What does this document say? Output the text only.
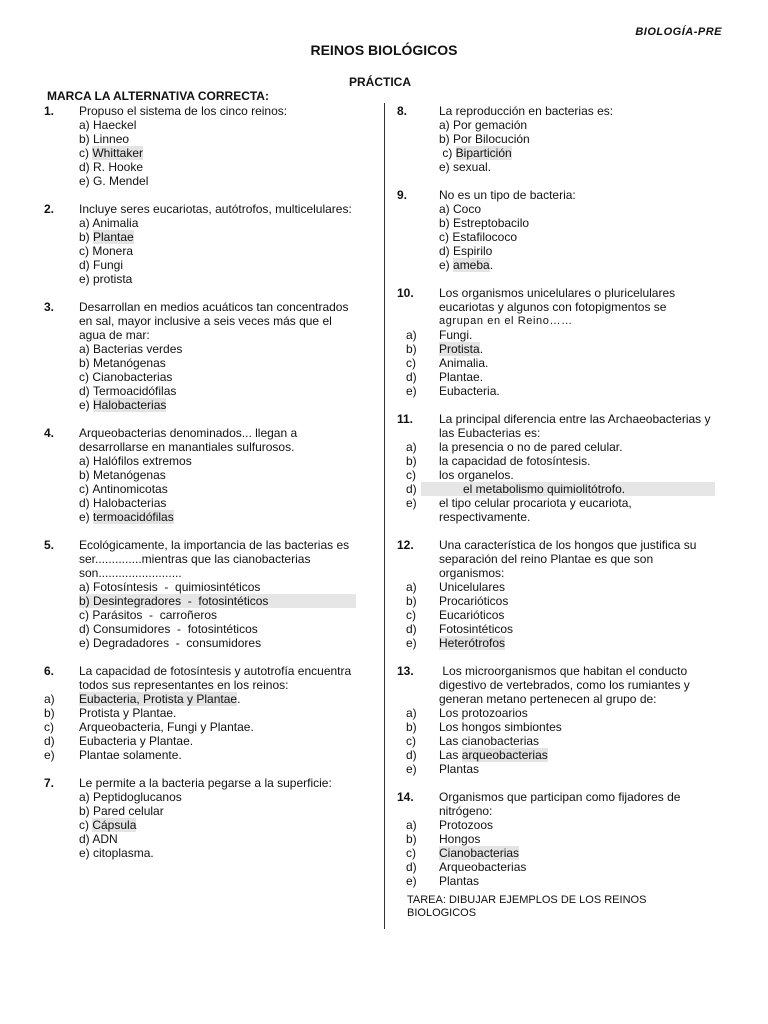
BIOLOGÍA-PRE
REINOS BIOLÓGICOS
PRÁCTICA
MARCA LA ALTERNATIVA CORRECTA:
1.	Propuso el sistema de los cinco reinos:
a) Haeckel
b) Linneo
c) Whittaker
d) R. Hooke
e) G. Mendel
2.	Incluye seres eucariotas, autótrofos, multicelulares:
a) Animalia
b) Plantae
c) Monera
d) Fungi
e) protista
3.	Desarrollan en medios acuáticos tan concentrados en sal, mayor inclusive a seis veces más que el agua de mar:
a)
Bacterias verdes
b)
Metanógenas
c)
Cianobacterias
d)
Termoacidófilas
e)
Halobacterias
4.	Arqueobacterias denominados... llegan a desarrollarse en manantiales sulfurosos.
a)
Halófilos extremos
b)
Metanógenas
c)
Antinomicotas
d)
Halobacterias
e)
termoacidófilas
5.	Ecológicamente, la importancia de las bacterias es ser..............mientras que las cianobacterias son.........................
a)
Fotosíntesis  -  quimiosintéticos
b)
Desintegradores  -  fotosintéticos
c)
Parásitos  -  carroñeros
d)
Consumidores  -  fotosintéticos
e)
Degradadores  -  consumidores
6.	La capacidad de fotosíntesis y autotrofía encuentra todos sus representantes en los reinos:
a)	Eubacteria, Protista y Plantae.
b)	Protista y Plantae.
c)	Arqueobacteria, Fungi y Plantae.
d)	Eubacteria y Plantae.
e)	Plantae solamente.
7.	Le permite a la bacteria pegarse a la superficie:
a) Peptidoglucanos
b) Pared celular
c) Cápsula
d) ADN
e) citoplasma.
8.	La reproducción en bacterias es:
a) Por gemación
b) Por Bilocución
c) Bipartición
e) sexual.
9.	No es un tipo de bacteria:
a) Coco
b) Estreptobacilo
c) Estafilococo
d) Espirilo
e) ameba.
10.	Los organismos unicelulares o pluricelulares eucariotas y algunos con fotopigmentos se
agrupan en el Reino……
a)	Fungi.
b)	Protista.
c)	Animalia.
d)	Plantae.
e)	Eubacteria.
11.	La principal diferencia entre las Archaeobacterias y las Eubacterias es:
a)	la presencia o no de pared celular.
b)	la capacidad de fotosíntesis.
c)	los organelos.
d)	el metabolismo quimiolitótrofo.
e)	el tipo celular procariota y eucariota, respectivamente.
12.	Una característica de los hongos que justifica su separación del reino Plantae es que son organismos:
a)	Unicelulares
b)	Procarióticos
c)	Eucarióticos
d)	Fotosintéticos
e)	Heterótrofos
13.	Los microorganismos que habitan el conducto digestivo de vertebrados, como los rumiantes y generan metano pertenecen al grupo de:
a)	Los protozoarios
b)	Los hongos simbiontes
c)	Las cianobacterias
d)	Las arqueobacterias
e)	Plantas
14.	Organismos que participan como fijadores de nitrógeno:
a)	Protozoos
b)	Hongos
c)	Cianobacterias
d)	Arqueobacterias
e)	Plantas
TAREA: DIBUJAR EJEMPLOS DE LOS REINOS BIOLOGICOS
